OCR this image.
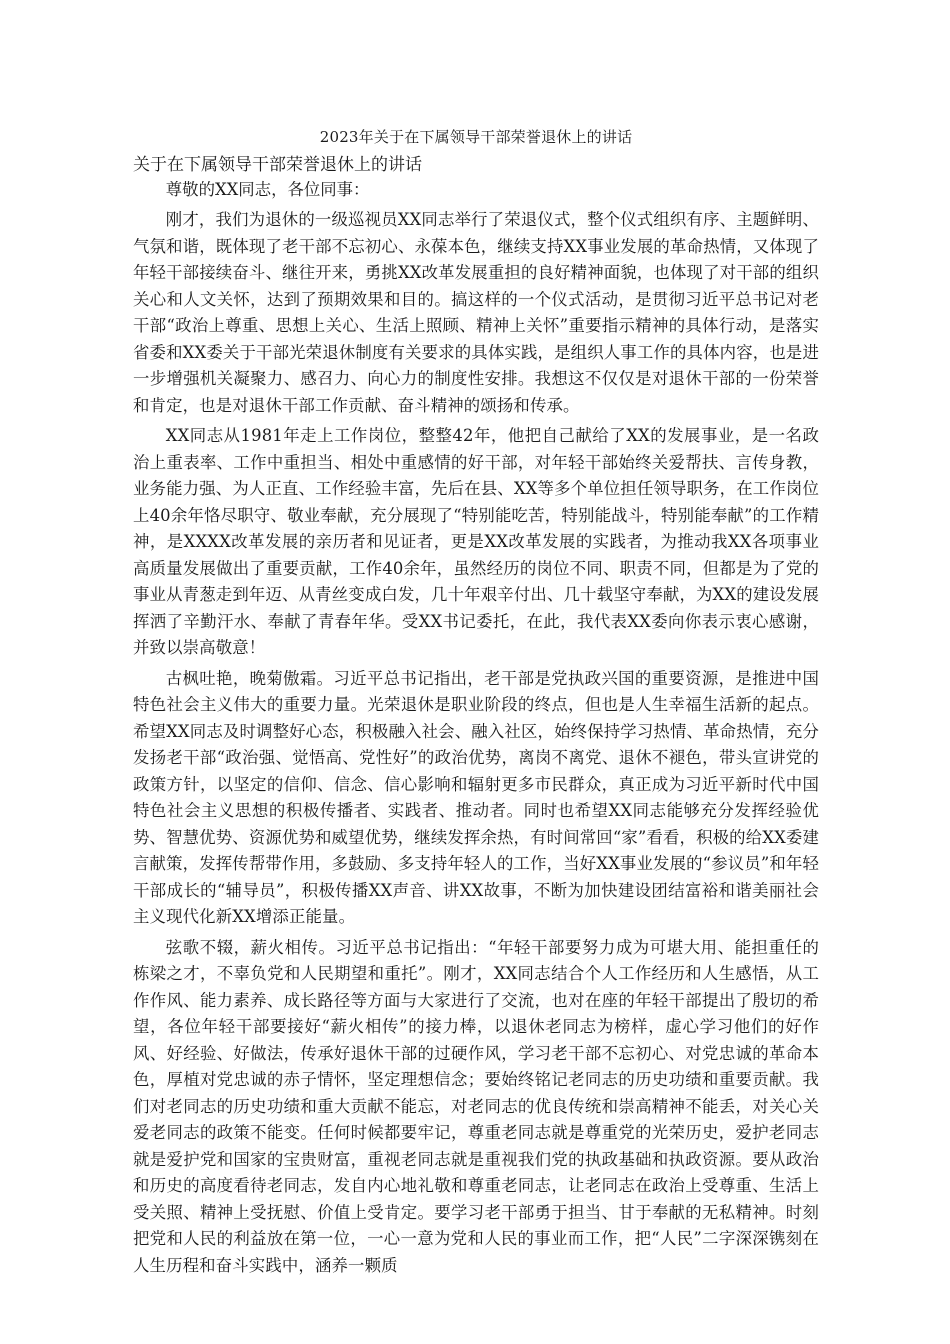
2023年关于在下属领导干部荣誉退休上的讲话

关于在下属领导干部荣誉退休上的讲话

尊敬的XX同志，各位同事：

刚才，我们为退休的一级巡视员XX同志举行了荣退仪式，整个仪式组织有序、主题鲜明、气氛和谐，既体现了老干部不忘初心、永葆本色，继续支持XX事业发展的革命热情，又体现了年轻干部接续奋斗、继往开来，勇挑XX改革发展重担的良好精神面貌，也体现了对干部的组织关心和人文关怀，达到了预期效果和目的。搞这样的一个仪式活动，是贯彻习近平总书记对老干部“政治上尊重、思想上关心、生活上照顾、精神上关怀”重要指示精神的具体行动，是落实省委和XX委关于干部光荣退休制度有关要求的具体实践，是组织人事工作的具体内容，也是进一步增强机关凝聚力、感召力、向心力的制度性安排。我想这不仅仅是对退休干部的一份荣誉和肯定，也是对退休干部工作贡献、奋斗精神的颂扬和传承。

XX同志从1981年走上工作岗位，整整42年，他把自己献给了XX的发展事业，是一名政治上重表率、工作中重担当、相处中重感情的好干部，对年轻干部始终关爱帮扶、言传身教，业务能力强、为人正直、工作经验丰富，先后在县、XX等多个单位担任领导职务，在工作岗位上40余年恪尽职守、敬业奉献，充分展现了“特别能吃苦，特别能战斗，特别能奉献”的工作精神，是XXXX改革发展的亲历者和见证者，更是XX改革发展的实践者，为推动我XX各项事业高质量发展做出了重要贡献，工作40余年，虽然经历的岗位不同、职责不同，但都是为了党的事业从青葱走到年迈、从青丝变成白发，几十年艰辛付出、几十载坚守奉献，为XX的建设发展挥洒了辛勤汗水、奉献了青春年华。受XX书记委托，在此，我代表XX委向你表示衷心感谢，并致以崇高敬意！

古枫吐艳，晚菊傲霜。习近平总书记指出，老干部是党执政兴国的重要资源，是推进中国特色社会主义伟大的重要力量。光荣退休是职业阶段的终点，但也是人生幸福生活新的起点。希望XX同志及时调整好心态，积极融入社会、融入社区，始终保持学习热情、革命热情，充分发扬老干部“政治强、觉悟高、党性好”的政治优势，离岗不离党、退休不褪色，带头宣讲党的政策方针，以坚定的信仰、信念、信心影响和辐射更多市民群众，真正成为习近平新时代中国特色社会主义思想的积极传播者、实践者、推动者。同时也希望XX同志能够充分发挥经验优势、智慧优势、资源优势和威望优势，继续发挥余热，有时间常回“家”看看，积极的给XX委建言献策，发挥传帮带作用，多鼓励、多支持年轻人的工作，当好XX事业发展的“参议员”和年轻干部成长的“辅导员”，积极传播XX声音、讲XX故事，不断为加快建设团结富裕和谐美丽社会主义现代化新XX增添正能量。

弦歌不辍，薪火相传。习近平总书记指出：“年轻干部要努力成为可堪大用、能担重任的栋梁之才，不辜负党和人民期望和重托”。刚才，XX同志结合个人工作经历和人生感悟，从工作作风、能力素养、成长路径等方面与大家进行了交流，也对在座的年轻干部提出了殷切的希望，各位年轻干部要接好“薪火相传”的接力棒，以退休老同志为榜样，虚心学习他们的好作风、好经验、好做法，传承好退休干部的过硬作风，学习老干部不忘初心、对党忠诚的革命本色，厚植对党忠诚的赤子情怀，坚定理想信念；要始终铭记老同志的历史功绩和重要贡献。我们对老同志的历史功绩和重大贡献不能忘，对老同志的优良传统和崇高精神不能丢，对关心关爱老同志的政策不能变。任何时候都要牢记，尊重老同志就是尊重党的光荣历史，爱护老同志就是爱护党和国家的宝贵财富，重视老同志就是重视我们党的执政基础和执政资源。要从政治和历史的高度看待老同志，发自内心地礼敬和尊重老同志，让老同志在政治上受尊重、生活上受关照、精神上受抚慰、价值上受肯定。要学习老干部勇于担当、甘于奉献的无私精神。时刻把党和人民的利益放在第一位，一心一意为党和人民的事业而工作，把“人民”二字深深镌刻在人生历程和奋斗实践中，涵养一颗质
